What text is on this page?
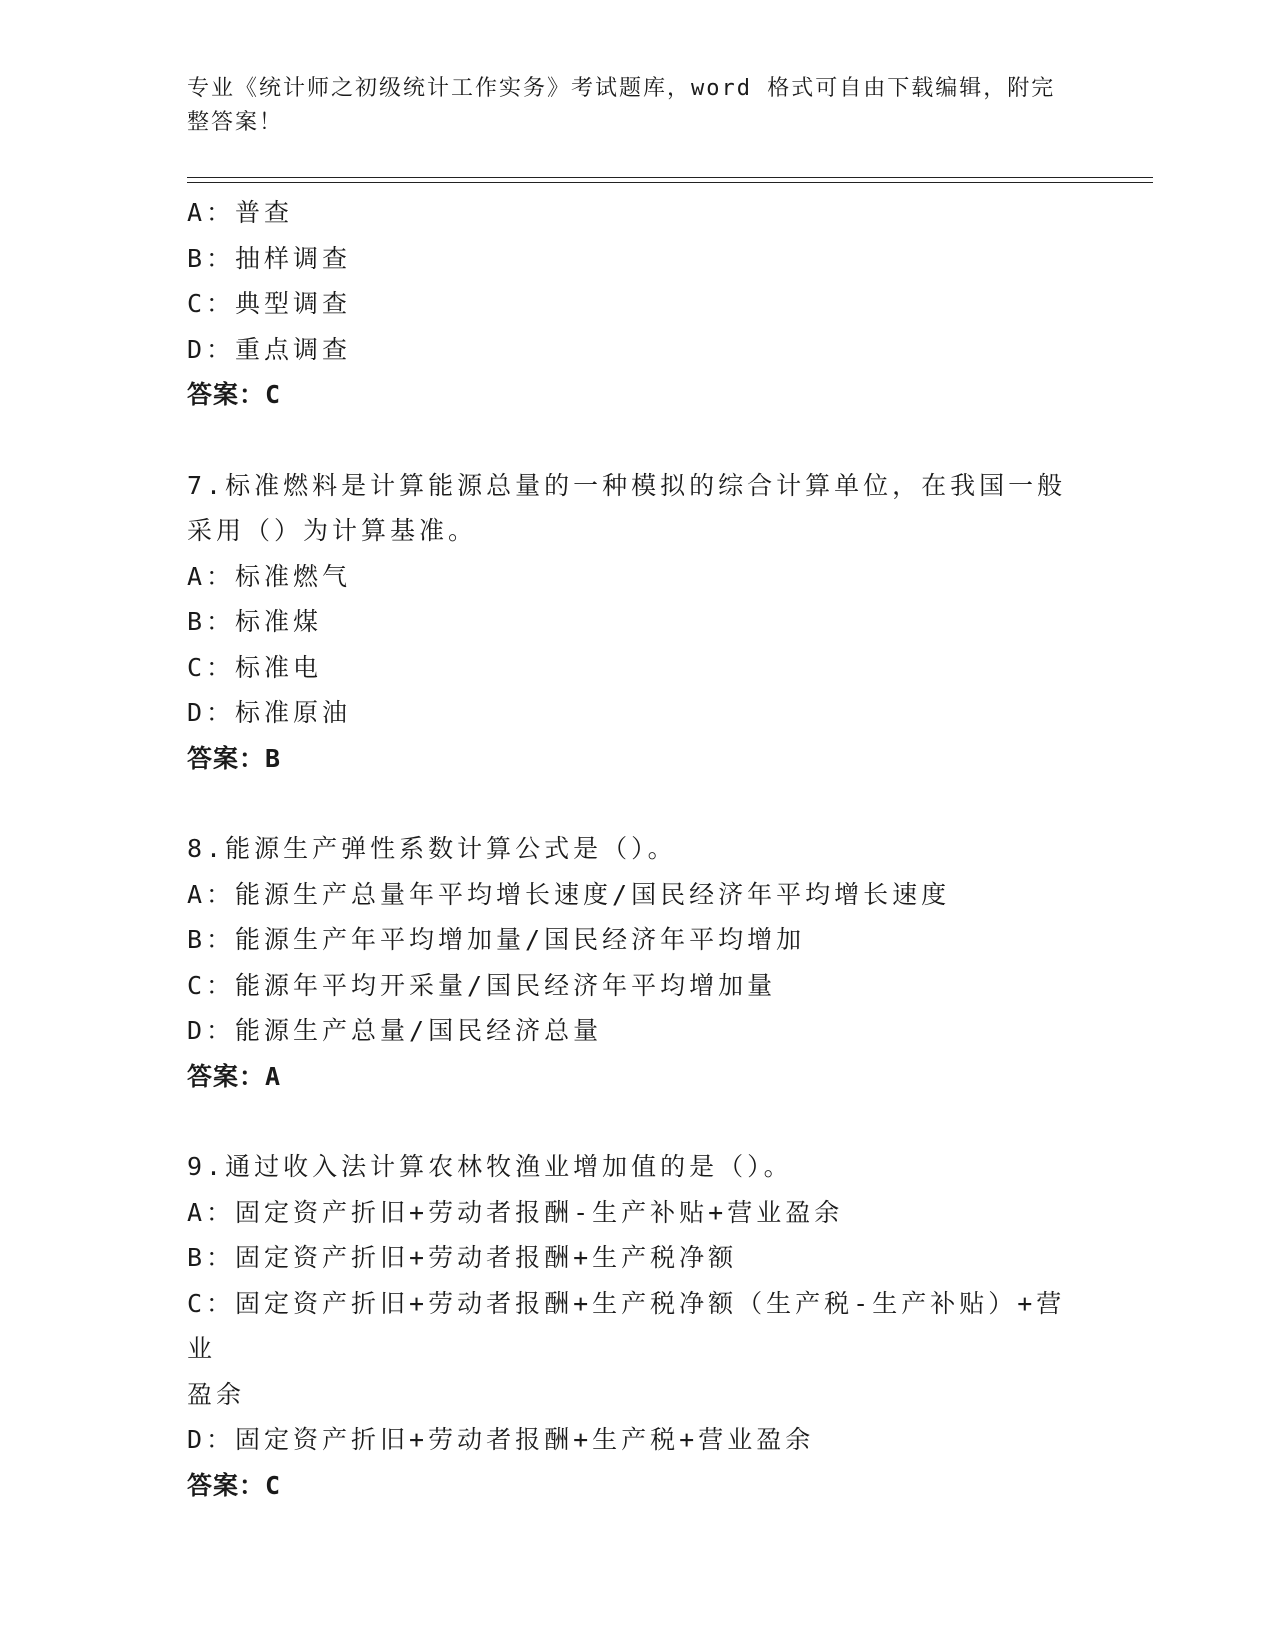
专业《统计师之初级统计工作实务》考试题库，word 格式可自由下载编辑，附完
整答案！

A：普查

B：抽样调查

C：典型调查

D：重点调查

答案：C

7.标准燃料是计算能源总量的一种模拟的综合计算单位，在我国一般

采用（）为计算基准。

A：标准燃气

B：标准煤

C：标准电

D：标准原油

答案：B

8.能源生产弹性系数计算公式是（）。

A：能源生产总量年平均增长速度/国民经济年平均增长速度

B：能源生产年平均增加量/国民经济年平均增加

C：能源年平均开采量/国民经济年平均增加量

D：能源生产总量/国民经济总量

答案：A

9.通过收入法计算农林牧渔业增加值的是（）。

A：固定资产折旧+劳动者报酬-生产补贴+营业盈余

B：固定资产折旧+劳动者报酬+生产税净额

C：固定资产折旧+劳动者报酬+生产税净额（生产税-生产补贴）+营业

盈余

D：固定资产折旧+劳动者报酬+生产税+营业盈余

答案：C
